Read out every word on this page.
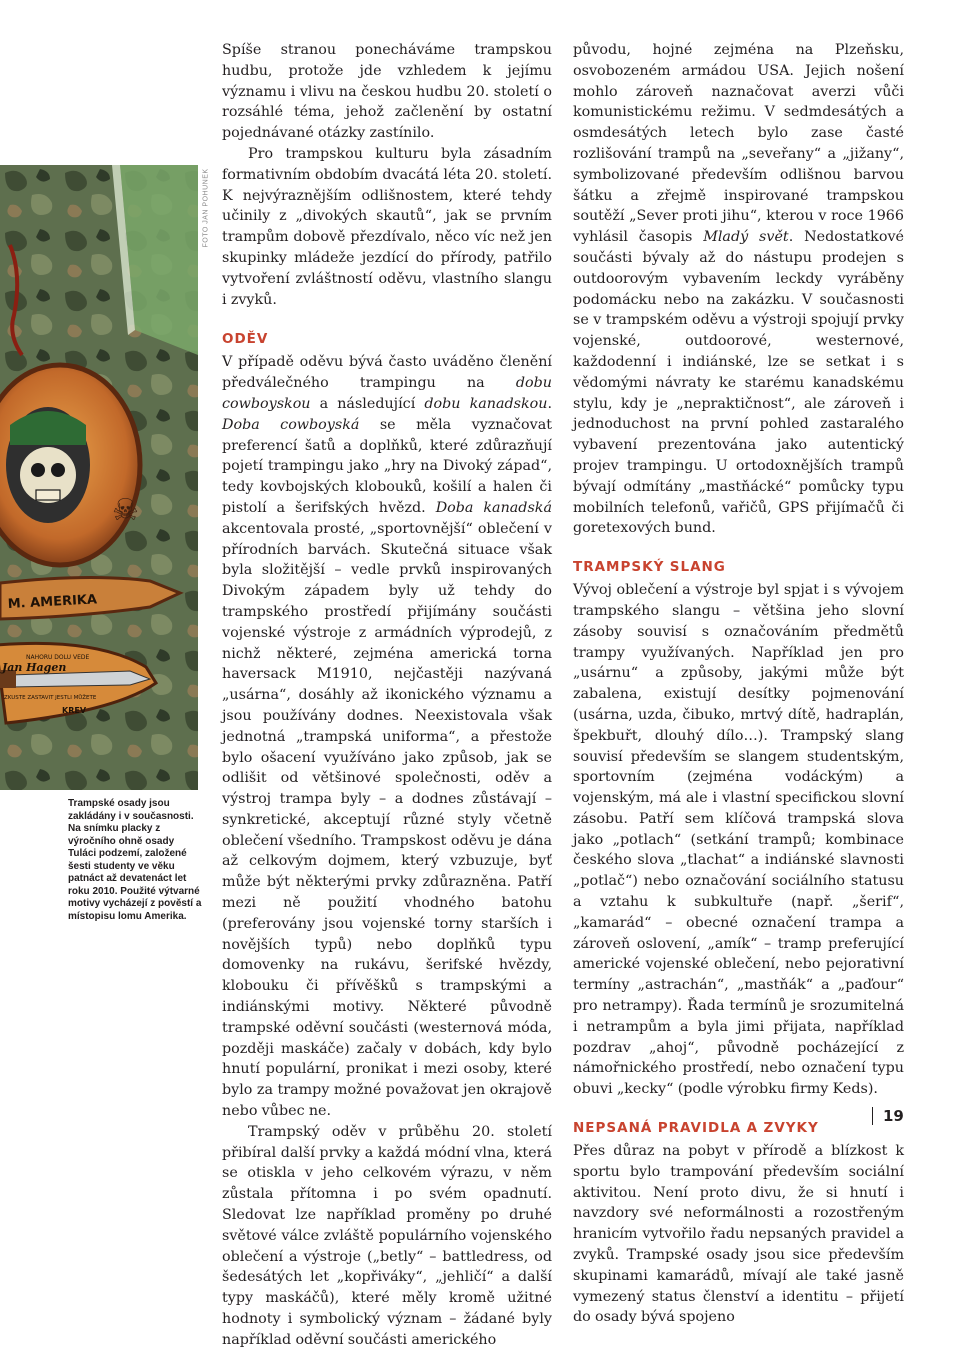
☠
M. AMERIKA
NAHORU DOLU VEDE
Jan Hagen
ZKUSTE ZASTAVIT JESTLI MŮŽETE
KREV
FOTO JAN POHUNEK
Trampské osady jsou zakládány i v současnosti. Na snímku placky z výročního ohně osady Tuláci podzemí, založené šesti studenty ve věku patnáct až devatenáct let roku 2010. Použité výtvarné motivy vycházejí z pověstí a místopisu lomu Amerika.

Spíše stranou ponecháváme trampskou hudbu, protože jde vzhledem k jejímu významu i vlivu na českou hudbu 20. století o rozsáhlé téma, jehož začlenění by ostatní pojednávané otázky zastínilo.

Pro trampskou kulturu byla zásadním formativním obdobím dvacátá léta 20. století. K nejvýraznějším odlišnostem, které tehdy učinily z „divokých skautů“, jak se prvním trampům dobově přezdívalo, něco víc než jen skupinky mládeže jezdící do přírody, patřilo vytvoření zvláštností oděvu, vlastního slangu i zvyků.

ODĚV

V případě oděvu bývá často uváděno členění předválečného trampingu na dobu cowboyskou a následující dobu kanadskou. Doba cowboyská se měla vyznačovat preferencí šatů a doplňků, které zdůrazňují pojetí trampingu jako „hry na Divoký západ“, tedy kovbojských klobouků, košilí a halen či pistolí a šerifských hvězd. Doba kanadská akcentovala prosté, „sportovnější“ oblečení v přírodních barvách. Skutečná situace však byla složitější – vedle prvků inspirovaných Divokým západem byly už tehdy do trampského prostředí přijímány součásti vojenské výstroje z armádních výprodejů, z nichž některé, zejména americká torna haversack M1910, nejčastěji nazývaná „usárna“, dosáhly až ikonického významu a jsou používány dodnes. Neexistovala však jednotná „trampská uniforma“, a přestože bylo ošacení využíváno jako způsob, jak se odlišit od většinové společnosti, oděv a výstroj trampa byly – a dodnes zůstávají – synkretické, akceptují různé styly včetně oblečení všedního. Trampskost oděvu je dána až celkovým dojmem, který vzbuzuje, byť může být některými prvky zdůrazněna. Patří mezi ně použití vhodného batohu (preferovány jsou vojenské torny starších i novějších typů) nebo doplňků typu domovenky na rukávu, šerifské hvězdy, klobouku či přívěšků s trampskými a indiánskými motivy. Některé původně trampské oděvní součásti (westernová móda, později maskáče) začaly v dobách, kdy bylo hnutí populární, pronikat i mezi osoby, které bylo za trampy možné považovat jen okrajově nebo vůbec ne.

Trampský oděv v průběhu 20. století přibíral další prvky a každá módní vlna, která se otiskla v jeho celkovém výrazu, v něm zůstala přítomna i po svém opadnutí. Sledovat lze například proměny po druhé světové válce zvláště populárního vojenského oblečení a výstroje („betly“ – battledress, od šedesátých let „kopřiváky“, „jehličí“ a další typy maskáčů), které měly kromě užitné hodnoty i symbolický význam – žádané byly například oděvní součásti amerického

původu, hojné zejména na Plzeňsku, osvobozeném armádou USA. Jejich nošení mohlo zároveň naznačovat averzi vůči komunistickému režimu. V sedmdesátých a osmdesátých letech bylo zase časté rozlišování trampů na „seveřany“ a „jižany“, symbolizované především odlišnou barvou šátku a zřejmě inspirované trampskou soutěží „Sever proti jihu“, kterou v roce 1966 vyhlásil časopis Mladý svět. Nedostatkové součásti bývaly až do nástupu prodejen s outdoorovým vybavením leckdy vyráběny podomácku nebo na zakázku. V současnosti se v trampském oděvu a výstroji spojují prvky vojenské, outdoorové, westernové, každodenní i indiánské, lze se setkat i s vědomými návraty ke starému kanadskému stylu, kdy je „nepraktičnost“, ale zároveň i jednoduchost na první pohled zastaralého vybavení prezentována jako autentický projev trampingu. U ortodoxnějších trampů bývají odmítány „mastňácké“ pomůcky typu mobilních telefonů, vařičů, GPS přijímačů či goretexových bund.

TRAMPSKÝ SLANG

Vývoj oblečení a výstroje byl spjat i s vývojem trampského slangu – většina jeho slovní zásoby souvisí s označováním předmětů trampy využívaných. Například jen pro „usárnu“ a způsoby, jakými může být zabalena, existují desítky pojmenování (usárna, uzda, čibuko, mrtvý dítě, hadraplán, špekbuřt, dlouhý dílo…). Trampský slang souvisí především se slangem studentským, sportovním (zejména vodáckým) a vojenským, má ale i vlastní specifickou slovní zásobu. Patří sem klíčová trampská slova jako „potlach“ (setkání trampů; kombinace českého slova „tlachat“ a indiánské slavnosti „potlač“) nebo označování sociálního statusu a vztahu k subkultuře (např. „šerif“, „kamarád“ – obecné označení trampa a zároveň oslovení, „amík“ – tramp preferující americké vojenské oblečení, nebo pejorativní termíny „astrachán“, „mastňák“ a „paďour“ pro netrampy). Řada termínů je srozumitelná i netrampům a byla jimi přijata, například pozdrav „ahoj“, původně pocházející z námořnického prostředí, nebo označení typu obuvi „kecky“ (podle výrobku firmy Keds).

NEPSANÁ PRAVIDLA A ZVYKY

Přes důraz na pobyt v přírodě a blízkost k sportu bylo trampování především sociální aktivitou. Není proto divu, že si hnutí i navzdory své neformálnosti a rozostřeným hranicím vytvořilo řadu nepsaných pravidel a zvyků. Trampské osady jsou sice především skupinami kamarádů, mívají ale také jasně vymezený status členství a identitu – přijetí do osady bývá spojeno

19
